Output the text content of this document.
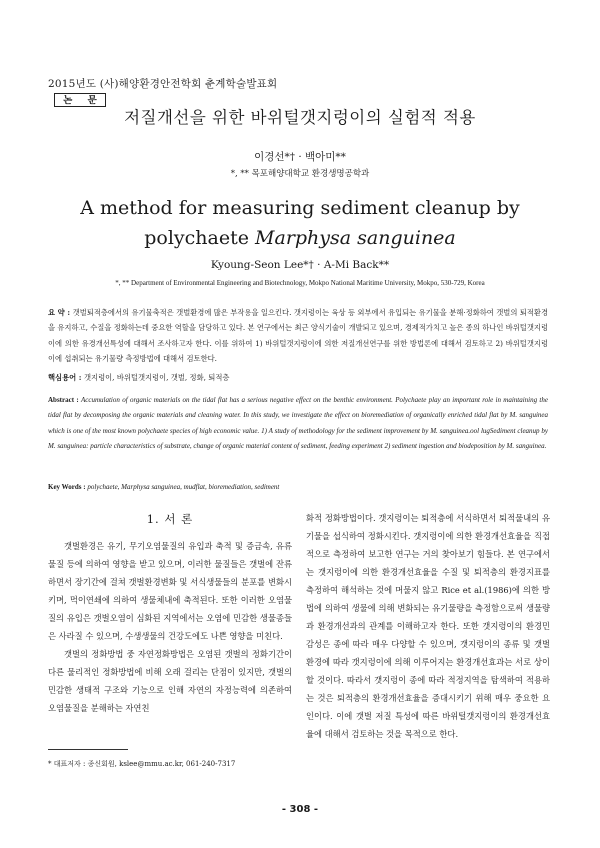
2015년도 (사)해양환경안전학회 춘계학술발표회
논 문
저질개선을 위한 바위털갯지렁이의 실험적 적용
이경선*† · 백아미**
*, ** 목포해양대학교 환경생명공학과
A method for measuring sediment cleanup by polychaete Marphysa sanguinea
Kyoung-Seon Lee*† · A-Mi Back**
*, ** Department of Environmental Engineering and Biotechnology, Mokpo National Maritime University, Mokpo, 530-729, Korea
요 약 : 갯벌퇴적층에서의 유기물축적은 갯벌환경에 많은 부작용을 일으킨다. 갯지렁이는 육상 등 외부에서 유입되는 유기물을 분해·정화하여 갯벌의 퇴적환경을 유지하고, 수질을 정화하는데 중요한 역할을 담당하고 있다. 본 연구에서는 최근 양식기술이 개발되고 있으며, 경제적가치고 높은 종의 하나인 바위털갯지렁이에 의한 유경개선특성에 대해서 조사하고자 한다. 이를 위하여 1) 바위털갯지렁이에 의한 저질개선연구를 위한 방법론에 대해서 검토하고 2) 바위털갯지렁이에 섭취되는 유기물량 측정방법에 대해서 검토한다.
핵심용어 : 갯지렁이, 바위털갯지렁이, 갯벌, 정화, 퇴적층
Abstract : Accumulation of organic materials on the tidal flat has a serious negative effect on the benthic environment. Polychaete play an important role in maintaining the tidal flat by decomposing the organic materials and cleaning water. In this study, we investigate the effect on bioremediation of organically enriched tidal flat by M. sanguinea which is one of the most known polychaete species of high economic value. 1) A study of methodology for the sediment improvement by M. sanguinea.ool lugSediment cleanup by M. sanguinea: particle characteristics of substrate, change of organic material content of sediment, feeding experiment 2) sediment ingestion and biodeposition by M. sanguinea.
Key Words : polychaete, Marphysa sanguinea, mudflat, bioremediation, sediment
1. 서 론

갯벌환경은 유기, 무기오염물질의 유입과 축적 및 증금속, 유류물질 등에 의하여 영향을 받고 있으며, 이러한 물질들은 갯벌에 잔류하면서 장기간에 걸쳐 갯벌환경변화 및 서식생물들의 분포를 변화시키며, 먹이연쇄에 의하여 생물체내에 축적된다. 또한 이러한 오염물질의 유입은 갯벌오염이 심화된 지역에서는 오염에 민감한 생물종들은 사라질 수 있으며, 수생생물의 건강도에도 나쁜 영향을 미친다.

갯벌의 정화방법 중 자연정화방법은 오염된 갯벌의 정화기간이 다른 물리적인 정화방법에 비해 오래 걸리는 단점이 있지만, 갯벌의 민감한 생태적 구조와 기능으로 인해 자연의 자정능력에 의존하여 오염물질을 분해하는 자연친

화적 정화방법이다. 갯지렁이는 퇴적층에 서식하면서 퇴적물내의 유기물을 섭식하여 정화시킨다. 갯지렁이에 의한 환경개선효율을 직접적으로 측정하여 보고한 연구는 거의 찾아보기 힘들다. 본 연구에서는 갯지렁이에 의한 환경개선효율을 수질 및 퇴적층의 환경지표를 측정하여 해석하는 것에 머물지 않고 Rice et al.(1986)에 의한 방법에 의하여 생물에 의해 변화되는 유기물량을 측정함으로써 생물량과 환경개선과의 관계를 이해하고자 한다. 또한 갯지렁이의 환경민감성은 종에 따라 매우 다양할 수 있으며, 갯지렁이의 종류 및 갯벌환경에 따라 갯지렁이에 의해 이루어지는 환경개선효과는 서로 상이할 것이다. 따라서 갯지렁이 종에 따라 적정지역을 탐색하여 적용하는 것은 퇴적층의 환경개선효율을 증대시키기 위해 매우 중요한 요인이다. 이에 갯벌 저질 특성에 따른 바위털갯지렁이의 환경개선효율에 대해서 검토하는 것을 목적으로 한다.

* 대표저자 : 종신회원, kslee@mmu.ac.kr, 061-240-7317
- 308 -
